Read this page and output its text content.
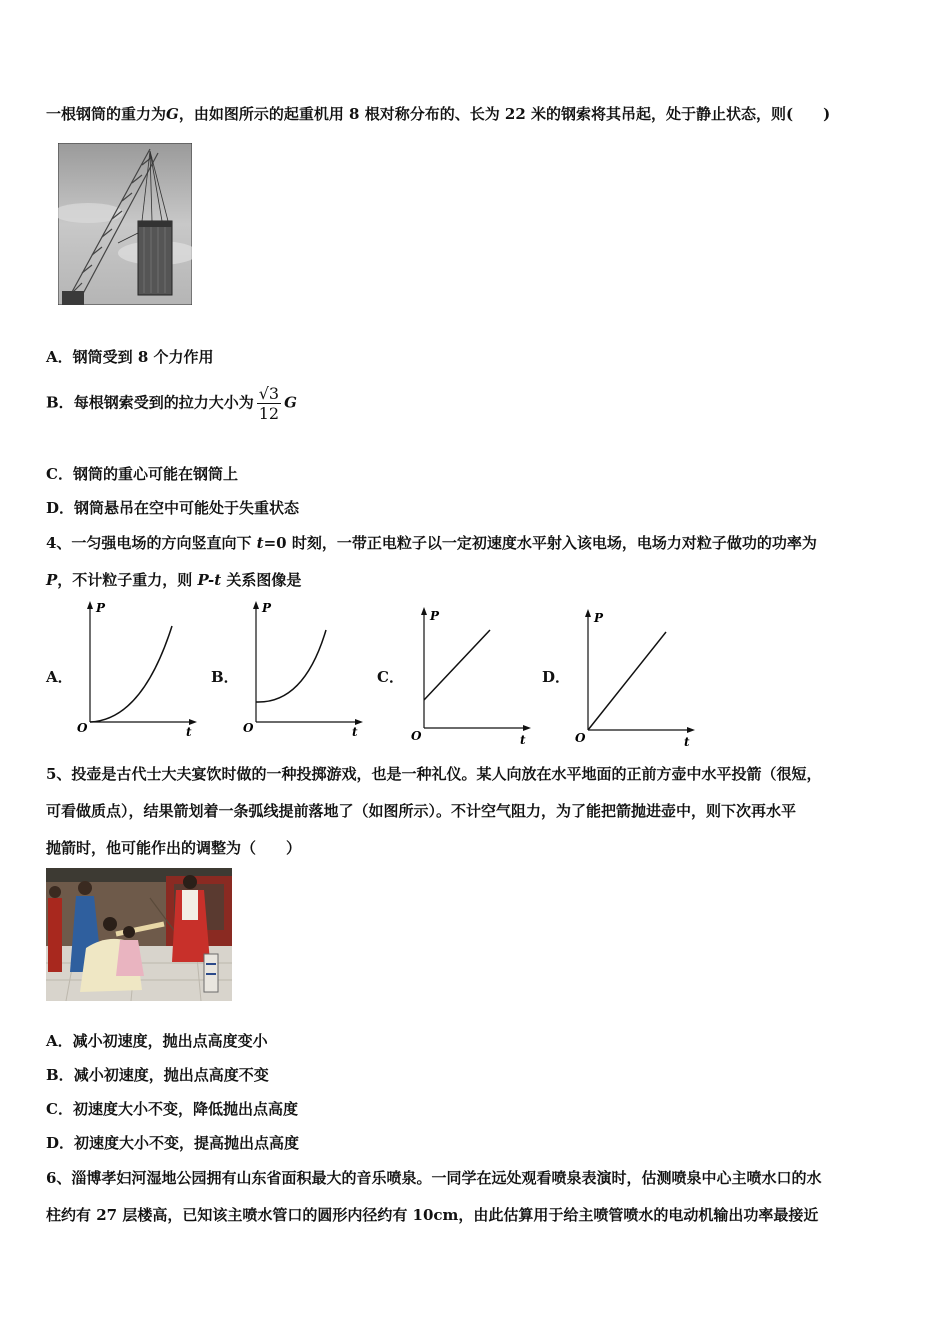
一根钢筒的重力为G，由如图所示的起重机用 8 根对称分布的、长为 22 米的钢索将其吊起，处于静止状态，则(　　)
A．钢筒受到 8 个力作用
B．每根钢索受到的拉力大小为 $\frac{√3}{12}$ G
C．钢筒的重心可能在钢筒上
D．钢筒悬吊在空中可能处于失重状态
4、一匀强电场的方向竖直向下 t=0 时刻，一带正电粒子以一定初速度水平射入该电场，电场力对粒子做功的功率为
P，不计粒子重力，则 P-t 关系图像是
A．	B．	C．	D．
P
O	t
P
O	t
P
O	t
P
O	t
5、投壶是古代士大夫宴饮时做的一种投掷游戏，也是一种礼仪。某人向放在水平地面的正前方壶中水平投箭（很短，
可看做质点），结果箭划着一条弧线提前落地了（如图所示）。不计空气阻力，为了能把箭抛进壶中，则下次再水平
抛箭时，他可能作出的调整为（　　）
A．减小初速度，抛出点高度变小
B．减小初速度，抛出点高度不变
C．初速度大小不变，降低抛出点高度
D．初速度大小不变，提高抛出点高度
6、淄博孝妇河湿地公园拥有山东省面积最大的音乐喷泉。一同学在远处观看喷泉表演时，估测喷泉中心主喷水口的水
柱约有 27 层楼高，已知该主喷水管口的圆形内径约有 10cm，由此估算用于给主喷管喷水的电动机输出功率最接近
